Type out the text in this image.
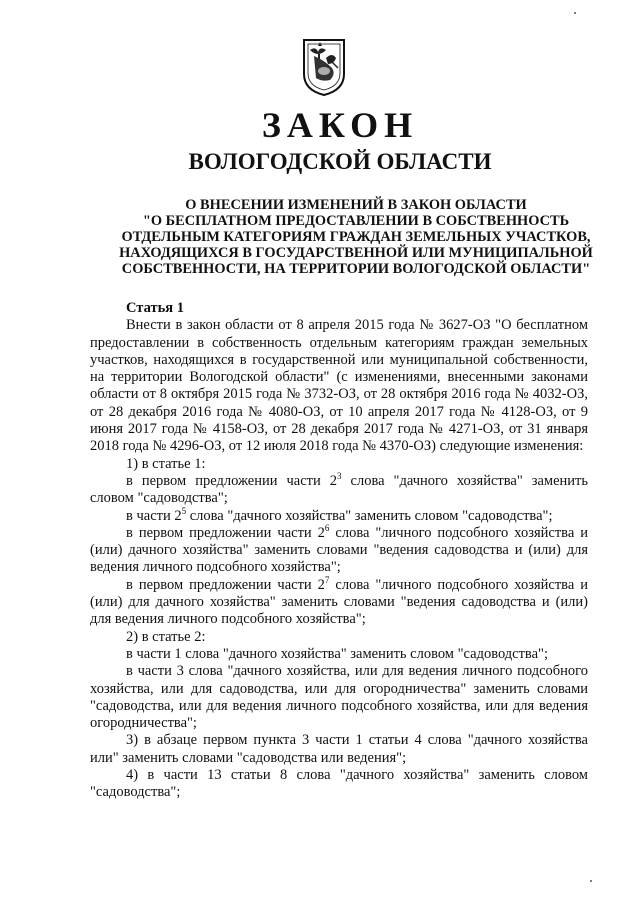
ЗАКОН
ВОЛОГОДСКОЙ ОБЛАСТИ
О ВНЕСЕНИИ ИЗМЕНЕНИЙ В ЗАКОН ОБЛАСТИ
"О БЕСПЛАТНОМ ПРЕДОСТАВЛЕНИИ В СОБСТВЕННОСТЬ
ОТДЕЛЬНЫМ КАТЕГОРИЯМ ГРАЖДАН ЗЕМЕЛЬНЫХ УЧАСТКОВ,
НАХОДЯЩИХСЯ В ГОСУДАРСТВЕННОЙ ИЛИ МУНИЦИПАЛЬНОЙ
СОБСТВЕННОСТИ, НА ТЕРРИТОРИИ ВОЛОГОДСКОЙ ОБЛАСТИ"

Статья 1

Внести в закон области от 8 апреля 2015 года № 3627-ОЗ "О бесплатном предоставлении в собственность отдельным категориям граждан земельных участков, находящихся в государственной или муниципальной собственности, на территории Вологодской области" (с изменениями, внесенными законами области от 8 октября 2015 года № 3732-ОЗ, от 28 октября 2016 года № 4032-ОЗ, от 28 декабря 2016 года № 4080-ОЗ, от 10 апреля 2017 года № 4128-ОЗ, от 9 июня 2017 года № 4158-ОЗ, от 28 декабря 2017 года № 4271-ОЗ, от 31 января 2018 года № 4296-ОЗ, от 12 июля 2018 года № 4370-ОЗ) следующие изменения:

1) в статье 1:

в первом предложении части $2^3$ слова "дачного хозяйства" заменить словом "садоводства";

в части $2^5$ слова "дачного хозяйства" заменить словом "садоводства";

в первом предложении части $2^6$ слова "личного подсобного хозяйства и (или) дачного хозяйства" заменить словами "ведения садоводства и (или) для ведения личного подсобного хозяйства";

в первом предложении части $2^7$ слова "личного подсобного хозяйства и (или) для дачного хозяйства" заменить словами "ведения садоводства и (или) для ведения личного подсобного хозяйства";

2) в статье 2:

в части 1 слова "дачного хозяйства" заменить словом "садоводства";

в части 3 слова "дачного хозяйства, или для ведения личного подсобного хозяйства, или для садоводства, или для огородничества" заменить словами "садоводства, или для ведения личного подсобного хозяйства, или для ведения огородничества";

3) в абзаце первом пункта 3 части 1 статьи 4 слова "дачного хозяйства или" заменить словами "садоводства или ведения";

4) в части 13 статьи 8 слова "дачного хозяйства" заменить словом "садоводства";
